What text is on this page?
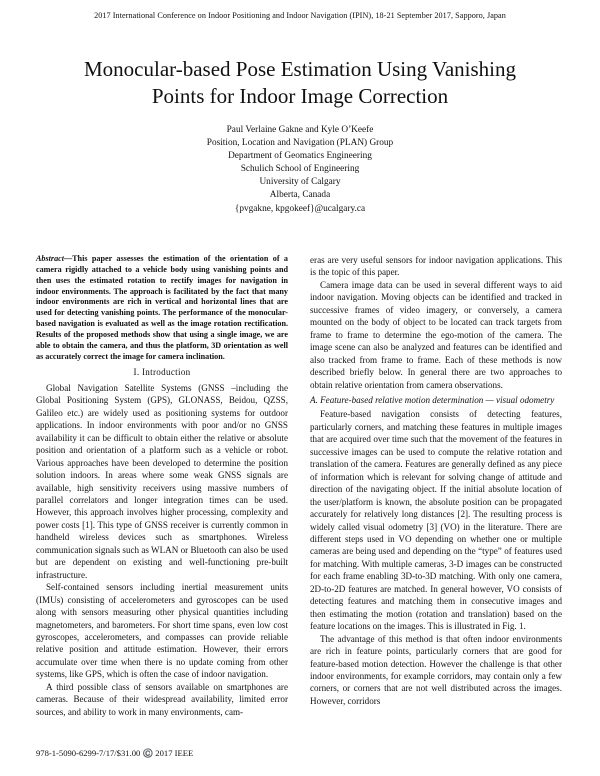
2017 International Conference on Indoor Positioning and Indoor Navigation (IPIN), 18-21 September 2017, Sapporo, Japan
Monocular-based Pose Estimation Using Vanishing
Points for Indoor Image Correction
Paul Verlaine Gakne and Kyle O’Keefe
Position, Location and Navigation (PLAN) Group
Department of Geomatics Engineering
Schulich School of Engineering
University of Calgary
Alberta, Canada
{pvgakne, kpgokeef}@ucalgary.ca

Abstract—This paper assesses the estimation of the orientation of a camera rigidly attached to a vehicle body using vanishing points and then uses the estimated rotation to rectify images for navigation in indoor environments. The approach is facilitated by the fact that many indoor environments are rich in vertical and horizontal lines that are used for detecting vanishing points. The performance of the monocular-based navigation is evaluated as well as the image rotation rectification. Results of the proposed methods show that using a single image, we are able to obtain the camera, and thus the platform, 3D orientation as well as accurately correct the image for camera inclination.

I. Introduction

Global Navigation Satellite Systems (GNSS –including the Global Positioning System (GPS), GLONASS, Beidou, QZSS, Galileo etc.) are widely used as positioning systems for outdoor applications. In indoor environments with poor and/or no GNSS availability it can be difficult to obtain either the relative or absolute position and orientation of a platform such as a vehicle or robot. Various approaches have been developed to determine the position solution indoors. In areas where some weak GNSS signals are available, high sensitivity receivers using massive numbers of parallel correlators and longer integration times can be used. However, this approach involves higher processing, complexity and power costs [1]. This type of GNSS receiver is currently common in handheld wireless devices such as smartphones. Wireless communication signals such as WLAN or Bluetooth can also be used but are dependent on existing and well-functioning pre-built infrastructure.

Self-contained sensors including inertial measurement units (IMUs) consisting of accelerometers and gyroscopes can be used along with sensors measuring other physical quantities including magnetometers, and barometers. For short time spans, even low cost gyroscopes, accelerometers, and compasses can provide reliable relative position and attitude estimation. However, their errors accumulate over time when there is no update coming from other systems, like GPS, which is often the case of indoor navigation.

A third possible class of sensors available on smartphones are cameras. Because of their widespread availability, limited error sources, and ability to work in many environments, cam-

eras are very useful sensors for indoor navigation applications. This is the topic of this paper.

Camera image data can be used in several different ways to aid indoor navigation. Moving objects can be identified and tracked in successive frames of video imagery, or conversely, a camera mounted on the body of object to be located can track targets from frame to frame to determine the ego-motion of the camera. The image scene can also be analyzed and features can be identified and also tracked from frame to frame. Each of these methods is now described briefly below. In general there are two approaches to obtain relative orientation from camera observations.

A. Feature-based relative motion determination — visual odometry

Feature-based navigation consists of detecting features, particularly corners, and matching these features in multiple images that are acquired over time such that the movement of the features in successive images can be used to compute the relative rotation and translation of the camera. Features are generally defined as any piece of information which is relevant for solving change of attitude and direction of the navigating object. If the initial absolute location of the user/platform is known, the absolute position can be propagated accurately for relatively long distances [2]. The resulting process is widely called visual odometry [3] (VO) in the literature. There are different steps used in VO depending on whether one or multiple cameras are being used and depending on the “type” of features used for matching. With multiple cameras, 3-D images can be constructed for each frame enabling 3D-to-3D matching. With only one camera, 2D-to-2D features are matched. In general however, VO consists of detecting features and matching them in consecutive images and then estimating the motion (rotation and translation) based on the feature locations on the images. This is illustrated in Fig. 1.

The advantage of this method is that often indoor environments are rich in feature points, particularly corners that are good for feature-based motion detection. However the challenge is that other indoor environments, for example corridors, may contain only a few corners, or corners that are not well distributed across the images. However, corridors

978-1-5090-6299-7/17/$31.00 ©️ 2017 IEEE
